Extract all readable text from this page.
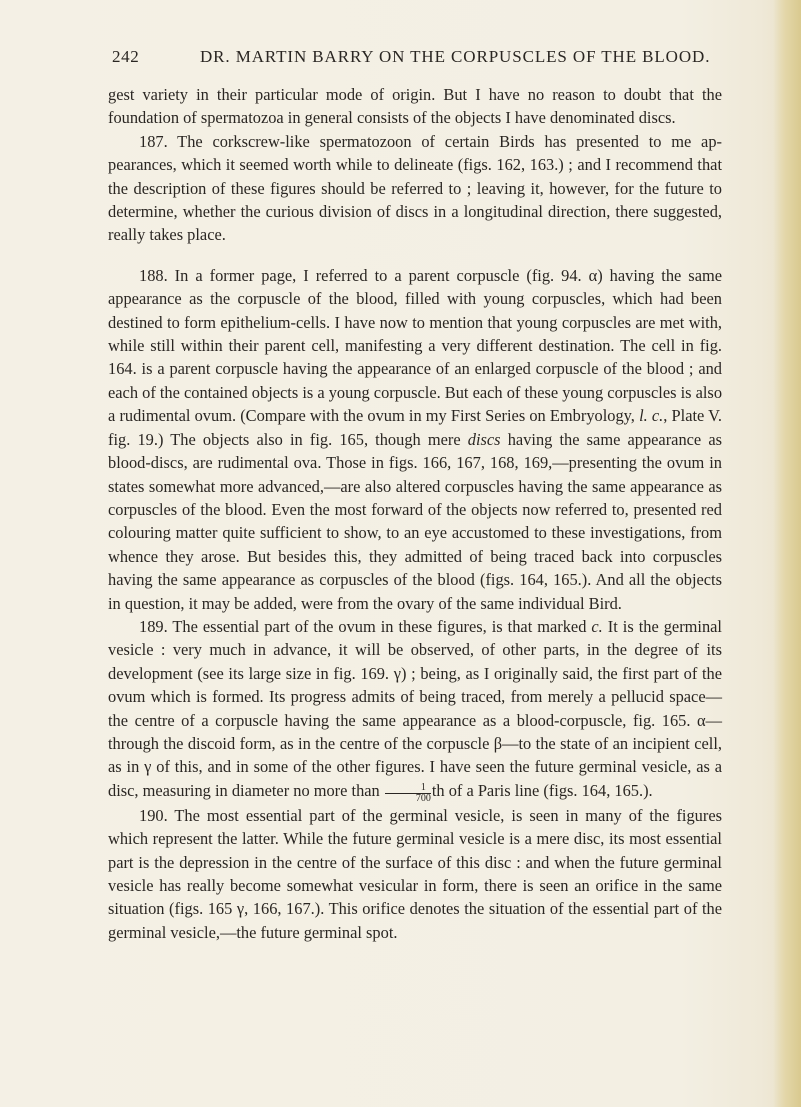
242	DR. MARTIN BARRY ON THE CORPUSCLES OF THE BLOOD.

gest variety in their particular mode of origin. But I have no reason to doubt that the foundation of spermatozoa in general consists of the objects I have denominated discs.

187. The corkscrew-like spermatozoon of certain Birds has presented to me appearances, which it seemed worth while to delineate (figs. 162, 163.) ; and I recommend that the description of these figures should be referred to ; leaving it, however, for the future to determine, whether the curious division of discs in a longitudinal direction, there suggested, really takes place.

188. In a former page, I referred to a parent corpuscle (fig. 94. α) having the same appearance as the corpuscle of the blood, filled with young corpuscles, which had been destined to form epithelium-cells. I have now to mention that young corpuscles are met with, while still within their parent cell, manifesting a very different destination. The cell in fig. 164. is a parent corpuscle having the appearance of an enlarged corpuscle of the blood ; and each of the contained objects is a young corpuscle. But each of these young corpuscles is also a rudimental ovum. (Compare with the ovum in my First Series on Embryology, l. c., Plate V. fig. 19.) The objects also in fig. 165, though mere discs having the same appearance as blood-discs, are rudimental ova. Those in figs. 166, 167, 168, 169,—presenting the ovum in states somewhat more advanced,—are also altered corpuscles having the same appearance as corpuscles of the blood. Even the most forward of the objects now referred to, presented red colouring matter quite sufficient to show, to an eye accustomed to these investigations, from whence they arose. But besides this, they admitted of being traced back into corpuscles having the same appearance as corpuscles of the blood (figs. 164, 165.). And all the objects in question, it may be added, were from the ovary of the same individual Bird.

189. The essential part of the ovum in these figures, is that marked c. It is the germinal vesicle : very much in advance, it will be observed, of other parts, in the degree of its development (see its large size in fig. 169. γ) ; being, as I originally said, the first part of the ovum which is formed. Its progress admits of being traced, from merely a pellucid space—the centre of a corpuscle having the same appearance as a blood-corpuscle, fig. 165. α—through the discoid form, as in the centre of the corpuscle β—to the state of an incipient cell, as in γ of this, and in some of the other figures. I have seen the future germinal vesicle, as a disc, measuring in diameter no more than $\frac{1}{700}$ th of a Paris line (figs. 164, 165.).

190. The most essential part of the germinal vesicle, is seen in many of the figures which represent the latter. While the future germinal vesicle is a mere disc, its most essential part is the depression in the centre of the surface of this disc : and when the future germinal vesicle has really become somewhat vesicular in form, there is seen an orifice in the same situation (figs. 165 γ, 166, 167.). This orifice denotes the situation of the essential part of the germinal vesicle,—the future germinal spot.
